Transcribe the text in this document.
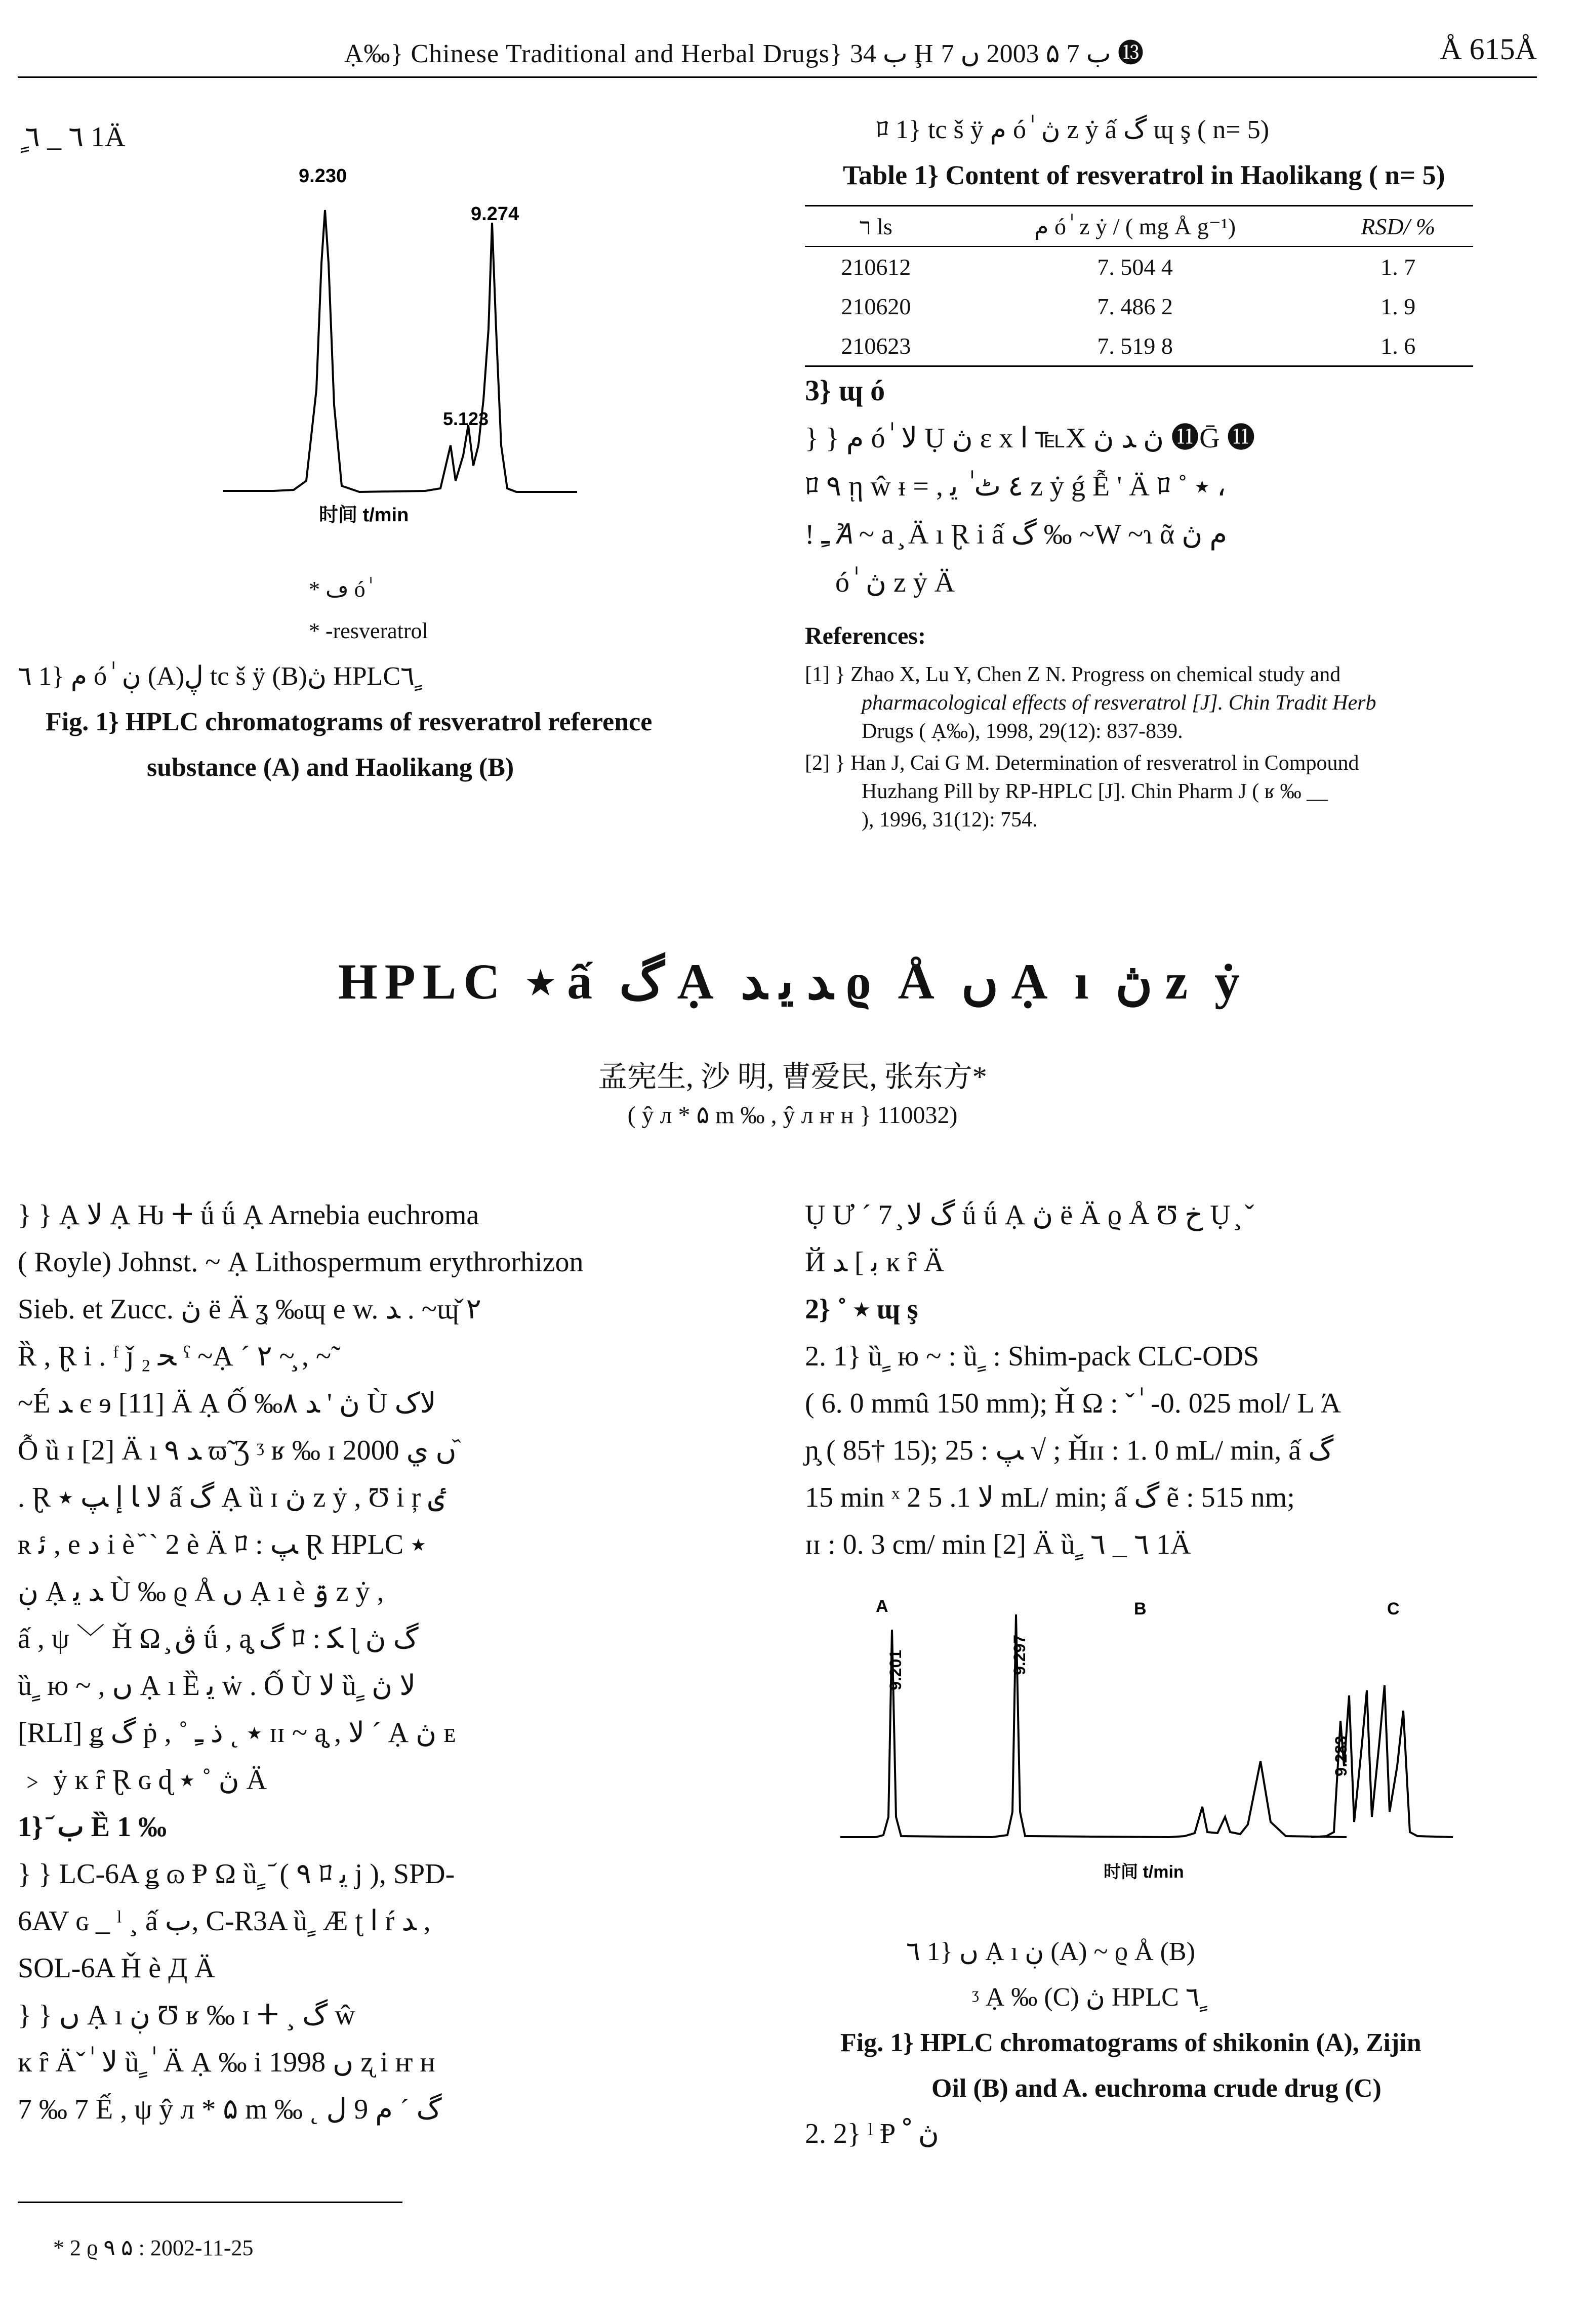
Ạ‰} Chinese Traditional and Herbal Drugs} ب 34 Ḩ ب 7 ۵ 2003 ں 7 ⓭	Å 615Å
ٍ ٦ _ ٦ 1Ä
9.230
9.274
5.123
时间 t/min
* ڡ ó ٰ
* -resveratrol
٦ 1} ﻡ ó ٰ ڹ (A)ڸ tc š ÿ (B)ڽ HPLC٦ ٍ
Fig. 1} HPLC chromatograms of resveratrol reference
substance (A) and Haolikang (B)
ﾛ 1} tc š ÿ ﻡ ó ٰ ڽ z ẏ ấ گ ɰ ş ( n= 5)
Table 1} Content of resveratrol in Haolikang ( n= 5)
ר ls	ﻡ ó ٰ z ẏ / ( mg Å g⁻¹)	RSD/ %
210612	7. 504 4	1. 7
210620	7. 486 2	1. 9
210623	7. 519 8	1. 6
3} ɰ ó
} } ﻡ ó ٰ ﻻ Ụ ڽ ε x ﺍ ℡X ڽ ﺪ ڽ ⓫Ḡ ⓫
ﾛ ٩ ῃ ŵ ᵻ = , ٤ ٹ ٰ ﯾ z ẏ ǵ Ễ ' Ä ﾛ ˚ ٭ ،
! ﹻ Ꞻ ~ a ̧ Ä ı Ɽ i ấ گ ‰ ~W ~ɿ ᾶ ﻡ ڽ
ó ٰ ڽ z ẏ Ä
References:
[1] } Zhao X, Lu Y, Chen Z N. Progress on chemical study and
pharmacological effects of resveratrol [J]. Chin Tradit Herb
Drugs ( Ạ‰), 1998, 29(12): 837-839.
[2] } Han J, Cai G M. Determination of resveratrol in Compound
Huzhang Pill by RP-HPLC [J]. Chin Pharm J ( ʁ ‰ __
), 1996, 31(12): 754.
HPLC ٭ ấ گ Ạ ﺪ ﯾ ﺪ ϱ Å ں Ạ ı ڽ z ẏ
孟宪生, 沙 明, 曹爱民, 张东方*
( ŷ л * ۵ m ‰ , ŷ л ҥ ʜ } 110032)
} } Ạ ﻻ Ạ Ƕ ⵜ ǘ ǘ Ạ Arnebia euchroma
( Royle) Johnst. ~ Ạ Lithospermum erythrorhizon
Sieb. et Zucc. ڽ ë Ä ʓ ‰ɰ e w. ﺪ . ~ɰ̌ ۲
Ȑ , Ɽ i . ᶠ ǰ ₂ ﺤ ˁ ~Ạ ˊ ۲ ~̧ , ~̃
~É ﺪ є ɘ [11] Ä Ạ Ố ‰ڽ ' ﺪ ۸ Ù ﻻک
Ỗ ȕ ɪ [2] Ä ı ﺪ ٩ ϖ̃ Ʒ ᶾ ʁ ‰ ɪ 2000 ں ي ᷈
. Ɽ ﻻ ﺎ ﺇ ﭗ ٭ ấ گ Ạ ȕ ɪ ڽ z ẏ , Ʊ i ŗ ٸ
ʀ ﺋ , e ﺩ i è ᷈ ˋ 2 è Ä ﾛ : ﭗ Ɽ HPLC ٭
ڹ Ạ ﺪ ﯾ Ù ‰ ϱ Å ں Ạ ı è ۊ z ẏ ,
ấ , ψ ﹀ Ȟ Ω ̧ ڨ ǘ , ą̧ گ ﾛ : ﮑ ɭ گ ڽ
ȕ ٍ ю ~ , ں Ạ ı Ȅ ﯾ ẇ . Ố Ù ﻻ ȕ ٍ ﻻ ڽ
[RLI] ǥ ﮒ ṗ , ˚ ٭ ˛ ﺫ ﹻ ɪɪ ~ ą̧ , ﻻ ˊ Ạ ڽ ᴇ
﹥ ẏ ĸ ȓ Ɽ ɢ ɖ ڽ ˚ ٭ Ä
1} ᷄ ب Ȅ 1 ‰
} } LC-6A ǥ ɷ Ᵽ Ω ȕ ٍ ᷄ ( ٩ ﾛ ﯾ j ), SPD-
6AV ɢ _ ˡ ¸ ấ ب, C-R3A ȕ ٍ Æ ʈ ﺍ ŕ ﺪ ,
SOL-6A Ȟ è Д Ä
} } ں Ạ ı ڹ Ʊ ʁ ‰ ɪ ⵜ ¸ گ ŵ
ĸ ȓ Äˇ ٰ ﻻ ȕ ٍ ٰ Ä Ạ ‰ i 1998 ں ʐ i ҥ ʜ
7 ‰ 7 Ế , ψ ŷ л * ۵ m ‰ ˛ گ ˊ ﻡ 9 ﻝ
Ụ Ư ˊ 7 ̧ گ ﻻ ǘ ǘ Ạ ڽ ë Ä ϱ Å Ʊ ﺥ Ụ ̧ ˇ
Й ﺑ ] ﺪ ĸ ȓ Ä
2} ˚ ٭ ɰ ş
2. 1} ȕ ٍ ю ~ : ȕ ٍ : Shim-pack CLC-ODS
( 6. 0 mmû 150 mm); Ȟ Ω : ˇ ٰ -0. 025 mol/ L Ά
ɲ̧ ( 85† 15); ﭗ : 25 √ ; Ȟɪɪ : 1. 0 mL/ min, ấ گ
15 min ˣ 2 ﻻ 1. 5 mL/ min; ấ گ ẽ : 515 nm;
ɪɪ : 0. 3 cm/ min [2] Ä ȕ ٍ ٦ _ ٦ 1Ä
A	B	C
9.201	9.297
9.283
时间 t/min
٦ 1} ں Ạ ı ڹ (A) ~ ϱ Å (B)
ᶾ Ạ ‰ (C) ڽ HPLC ٦ ٍ
Fig. 1} HPLC chromatograms of shikonin (A), Zijin
Oil (B) and A. euchroma crude drug (C)
2. 2} ˡ Ᵽ ڽ ﹾ
* 2 ϱ ٩ ۵ : 2002-11-25
